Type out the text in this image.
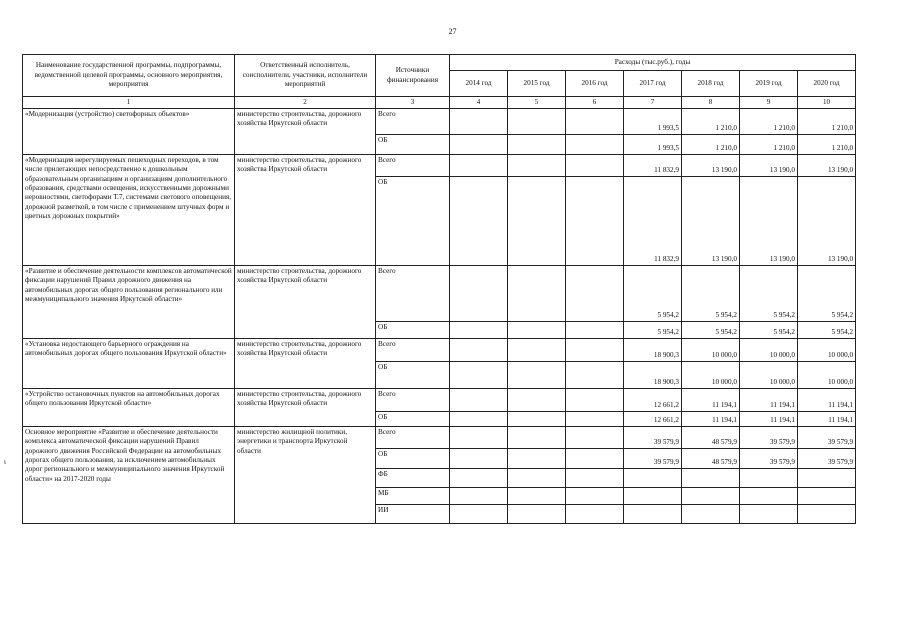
27
ι
Наименование государственной программы, подпрограммы, ведомственной целевой программы, основного мероприятия, мероприятия	Ответственный исполнитель, соисполнители, участники, исполнители мероприятий	Источники финансирования	Расходы (тыс.руб.), годы						
			2014 год	2015 год	2016 год	2017 год	2018 год	2019 год	2020 год
1	2	3	4	5	6	7	8	9	10
«Модернизация (устройство) светофорных объектов»	министерство строительства, дорожного хозяйства Иркутской области	Всего				1 993,5	1 210,0	1 210,0	1 210,0
		ОБ				1 993,5	1 210,0	1 210,0	1 210,0
«Модернизация нерегулируемых пешеходных переходов, в том числе прилегающих непосредственно к дошкольным образовательным организациям и организациям дополнительного образования, средствами освещения, искусственными дорожными неровностями, светофорами Т.7, системами светового оповещения, дорожной разметкой, в том числе с применением штучных форм и цветных дорожных покрытий»	министерство строительства, дорожного хозяйства Иркутской области	Всего				11 832,9	13 190,0	13 190,0	13 190,0
		ОБ				11 832,9	13 190,0	13 190,0	13 190,0
«Развитие и обеспечение деятельности комплексов автоматической фиксации нарушений Правил дорожного движения на автомобильных дорогах общего пользования регионального или межмуниципального значения Иркутской области»	министерство строительства, дорожного хозяйства Иркутской области	Всего				5 954,2	5 954,2	5 954,2	5 954,2
		ОБ				5 954,2	5 954,2	5 954,2	5 954,2
«Установка недостающего барьерного ограждения на автомобильных дорогах общего пользования Иркутской области»	министерство строительства, дорожного хозяйства Иркутской области	Всего				18 900,3	10 000,0	10 000,0	10 000,0
		ОБ				18 900,3	10 000,0	10 000,0	10 000,0
«Устройство остановочных пунктов на автомобильных дорогах общего пользования Иркутской области»	министерство строительства, дорожного хозяйства Иркутской области	Всего				12 661,2	11 194,1	11 194,1	11 194,1
		ОБ				12 661,2	11 194,1	11 194,1	11 194,1
Основное мероприятие «Развитие и обеспечение деятельности комплекса автоматической фиксации нарушений Правил дорожного движения Российской Федерации на автомобильных дорогах общего пользования, за исключением автомобильных дорог регионального и межмуниципального значения Иркутской области» на 2017-2020 годы	министерство жилищной политики, энергетики и транспорта Иркутской области	Всего				39 579,9	48 579,9	39 579,9	39 579,9
		ОБ				39 579,9	48 579,9	39 579,9	39 579,9
		ФБ							
		МБ							
		ИИ							
